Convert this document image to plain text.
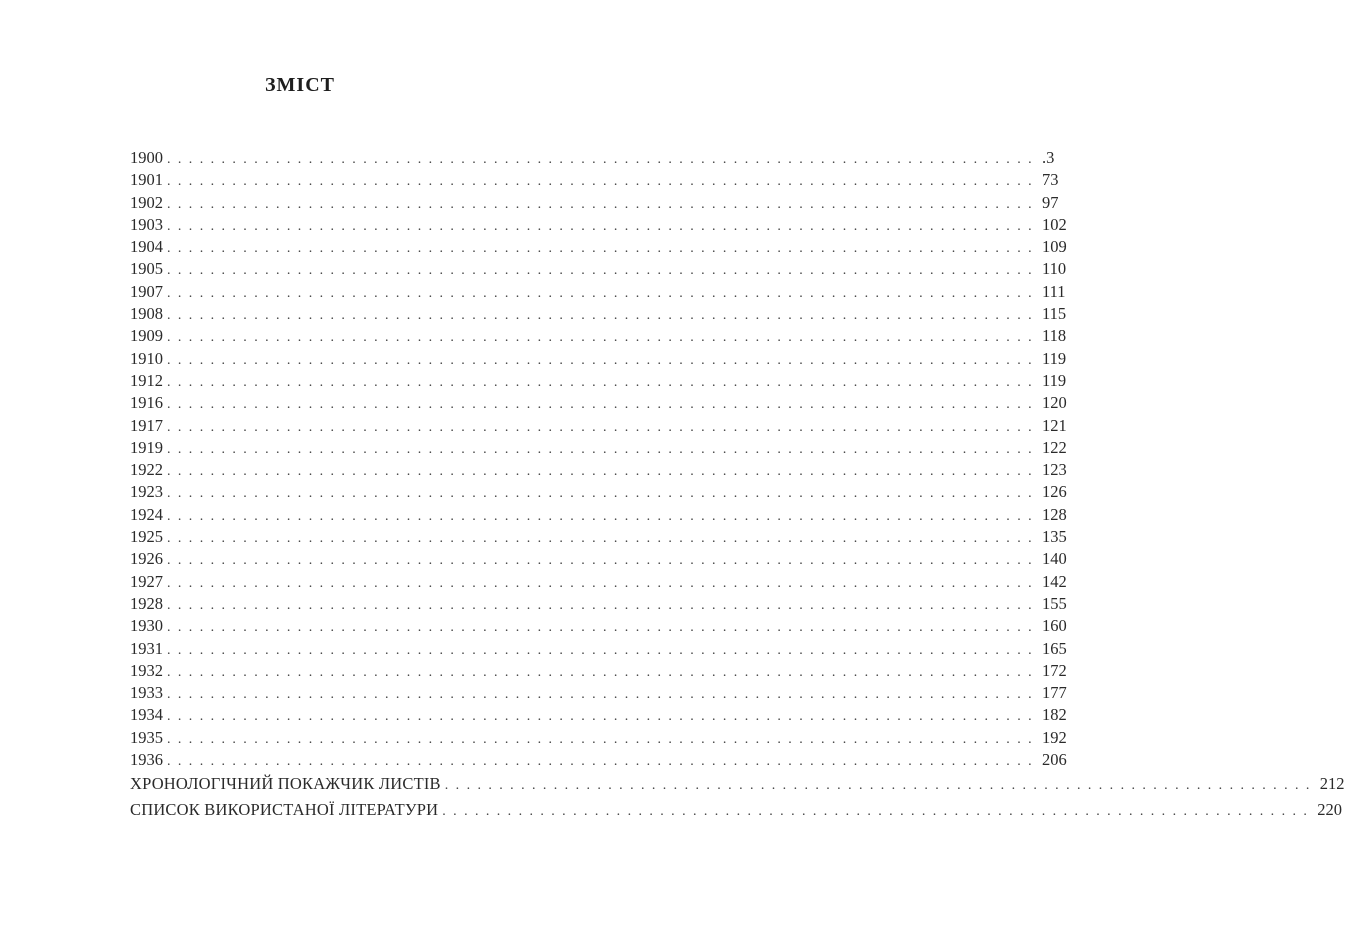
ЗМІСТ
1900 ................................................................................ .3
1901 ................................................................................ 73
1902 ................................................................................ 97
1903 ................................................................................ 102
1904 ................................................................................ 109
1905 ................................................................................ 110
1907 ................................................................................ 111
1908 ................................................................................ 115
1909 ................................................................................ 118
1910 ................................................................................ 119
1912 ................................................................................ 119
1916 ................................................................................ 120
1917 ................................................................................ 121
1919 ................................................................................ 122
1922 ................................................................................ 123
1923 ................................................................................ 126
1924 ................................................................................ 128
1925 ................................................................................ 135
1926 ................................................................................ 140
1927 ................................................................................ 142
1928 ................................................................................ 155
1930 ................................................................................ 160
1931 ................................................................................ 165
1932 ................................................................................ 172
1933 ................................................................................ 177
1934 ................................................................................ 182
1935 ................................................................................ 192
1936 ................................................................................ 206
ХРОНОЛОГІЧНИЙ ПОКАЖЧИК ЛИСТІВ ................................................................................ 212
СПИСОК ВИКОРИСТАНОЇ ЛІТЕРАТУРИ ................................................................................ 220
